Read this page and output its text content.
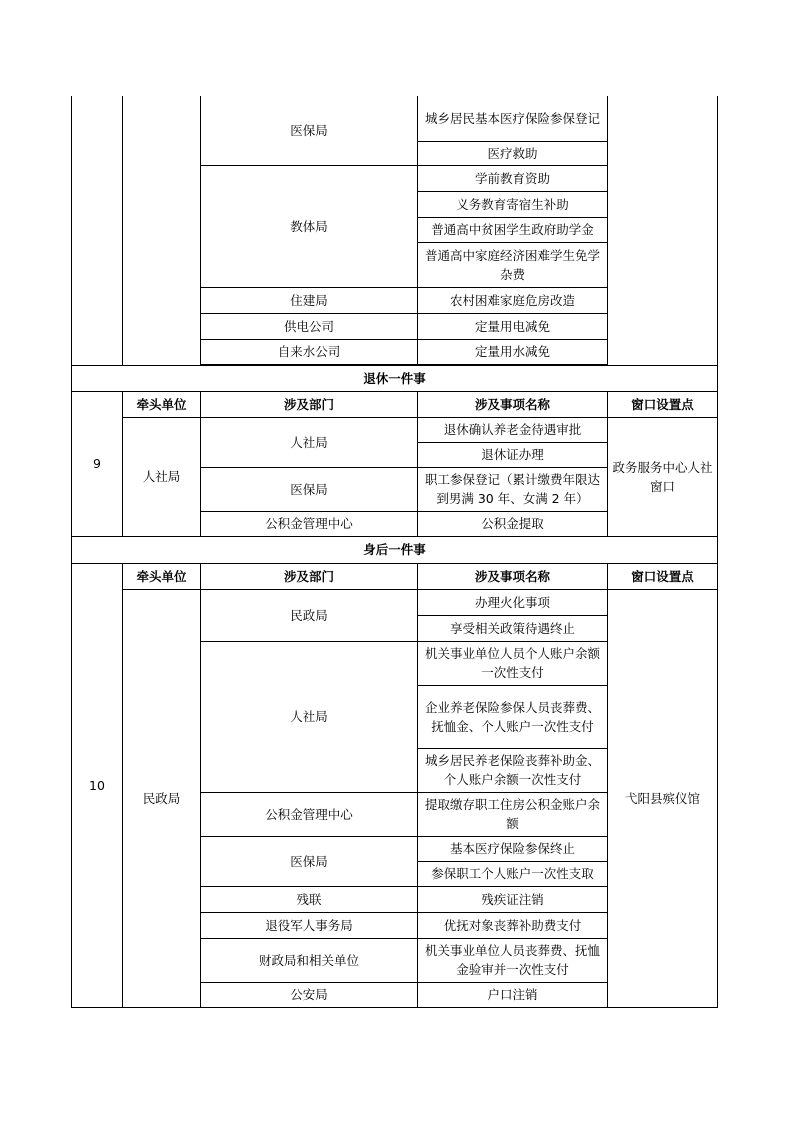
		医保局	城乡居民基本医疗保险参保登记	
			医疗救助	
		教体局	学前教育资助	
			义务教育寄宿生补助	
			普通高中贫困学生政府助学金	
			普通高中家庭经济困难学生免学杂费	
		住建局	农村困难家庭危房改造	
		供电公司	定量用电减免	
		自来水公司	定量用水减免	

退休一件事				
9	牵头单位	涉及部门	涉及事项名称	窗口设置点
	人社局	人社局	退休确认养老金待遇审批	政务服务中心人社窗口
			退休证办理	
		医保局	职工参保登记（累计缴费年限达到男满 30 年、女满 2 年）	
		公积金管理中心	公积金提取	

身后一件事				
10	牵头单位	涉及部门	涉及事项名称	窗口设置点
	民政局	民政局	办理火化事项	弋阳县殡仪馆
			享受相关政策待遇终止	
		人社局	机关事业单位人员个人账户余额一次性支付	
			企业养老保险参保人员丧葬费、抚恤金、个人账户一次性支付	
			城乡居民养老保险丧葬补助金、个人账户余额一次性支付	
		公积金管理中心	提取缴存职工住房公积金账户余额	
		医保局	基本医疗保险参保终止	
			参保职工个人账户一次性支取	
		残联	残疾证注销	
		退役军人事务局	优抚对象丧葬补助费支付	
		财政局和相关单位	机关事业单位人员丧葬费、抚恤金验审并一次性支付	
		公安局	户口注销	
